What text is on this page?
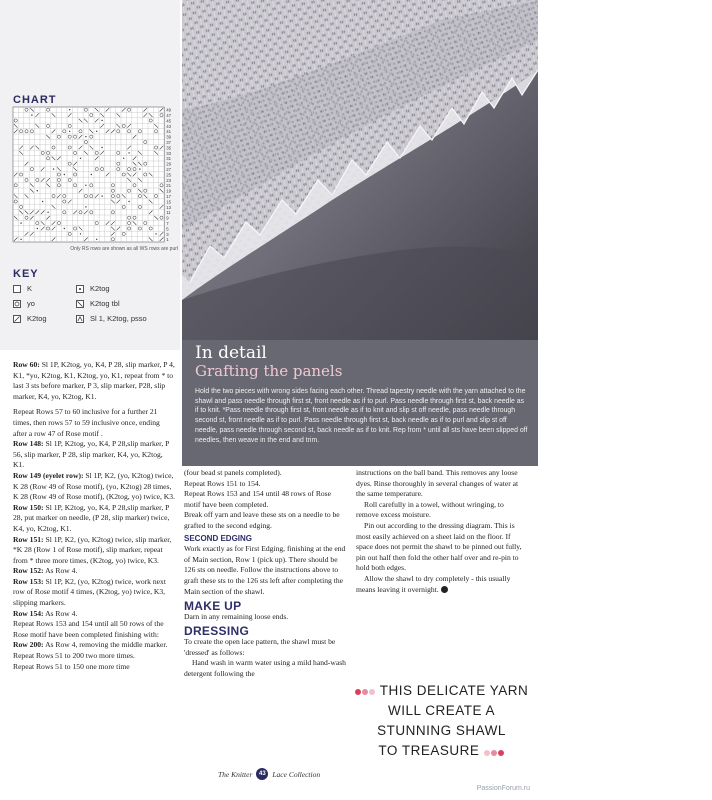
CHART
49
47
45
43
41
39
37
35
33
31
29
27
25
23
21
19
17
15
13
11
9
7
5
3
1
Only RS rows are shown as all WS rows are purl
KEY
K	K2tog
yo	K2tog tbl
K2tog	Sl 1, K2tog, psso
Vandyke border is
worked as a strip
before main section
stitches are picked
up along the length
In detail
Grafting the panels
Hold the two pieces with wrong sides facing each other. Thread tapestry needle with the yarn attached to the shawl and pass needle through first st, front needle as if to purl. Pass needle through first st, back needle as if to knit. *Pass needle through first st, front needle as if to knit and slip st off needle, pass needle through second st, front needle as if to purl. Pass needle through first st, back needle as if to purl and slip st off needle, pass needle through second st, back needle as if to knit. Rep from * until all sts have been slipped off needles, then weave in the end and trim.

Row 60: Sl 1P, K2tog, yo, K4, P 28, slip marker, P 4, K1, *yo, K2tog, K1, K2tog, yo, K1, repeat from * to last 3 sts before marker, P 3, slip marker, P28, slip marker, K4, yo, K2tog, K1.

Repeat Rows 57 to 60 inclusive for a further 21 times, then rows 57 to 59 inclusive once, ending after a row 47 of Rose motif .

Row 148: Sl 1P, K2tog, yo, K4, P 28,slip marker, P 56, slip marker, P 28, slip marker, K4, yo, K2tog, K1.

Row 149 (eyelet row): Sl 1P, K2, (yo, K2tog) twice, K 28 (Row 49 of Rose motif), (yo, K2tog) 28 times, K 28 (Row 49 of Rose motif), (K2tog, yo) twice, K3.

Row 150: Sl 1P, K2tog, yo, K4, P 28,slip marker, P 28, put marker on needle, (P 28, slip marker) twice, K4, yo, K2tog, K1.

Row 151: Sl 1P, K2, (yo, K2tog) twice, slip marker, *K 28 (Row 1 of Rose motif), slip marker, repeat from * three more times, (K2tog, yo) twice, K3.

Row 152: As Row 4.

Row 153: Sl 1P, K2, (yo, K2tog) twice, work next row of Rose motif 4 times, (K2tog, yo) twice, K3, slipping markers.

Row 154: As Row 4.

Repeat Rows 153 and 154 until all 50 rows of the Rose motif have been completed finishing with:

Row 200: As Row 4, removing the middle marker.

Repeat Rows 51 to 200 two more times.

Repeat Rows 51 to 150 one more time

(four bead st panels completed).

Repeat Rows 151 to 154.

Repeat Rows 153 and 154 until 48 rows of Rose motif have been completed.

Break off yarn and leave these sts on a needle to be grafted to the second edging.

SECOND EDGING

Work exactly as for First Edging, finishing at the end of Main section, Row 1 (pick up). There should be 126 sts on needle. Follow the instructions above to graft these sts to the 126 sts left after completing the Main section of the shawl.

MAKE UP

Darn in any remaining loose ends.

DRESSING

To create the open lace pattern, the shawl must be 'dressed' as follows:

Hand wash in warm water using a mild hand-wash detergent following the

instructions on the ball band. This removes any loose dyes. Rinse thoroughly in several changes of water at the same temperature.

Roll carefully in a towel, without wringing, to remove excess moisture.

Pin out according to the dressing diagram. This is most easily achieved on a sheet laid on the floor. If space does not permit the shawl to be pinned out fully, pin out half then fold the other half over and re-pin to hold both edges.

Allow the shawl to dry completely - this usually means leaving it overnight.

THIS DELICATE YARN
WILL CREATE A
STUNNING SHAWL
TO TREASURE
The Knitter	43 Lace Collection
PassionForum.ru
